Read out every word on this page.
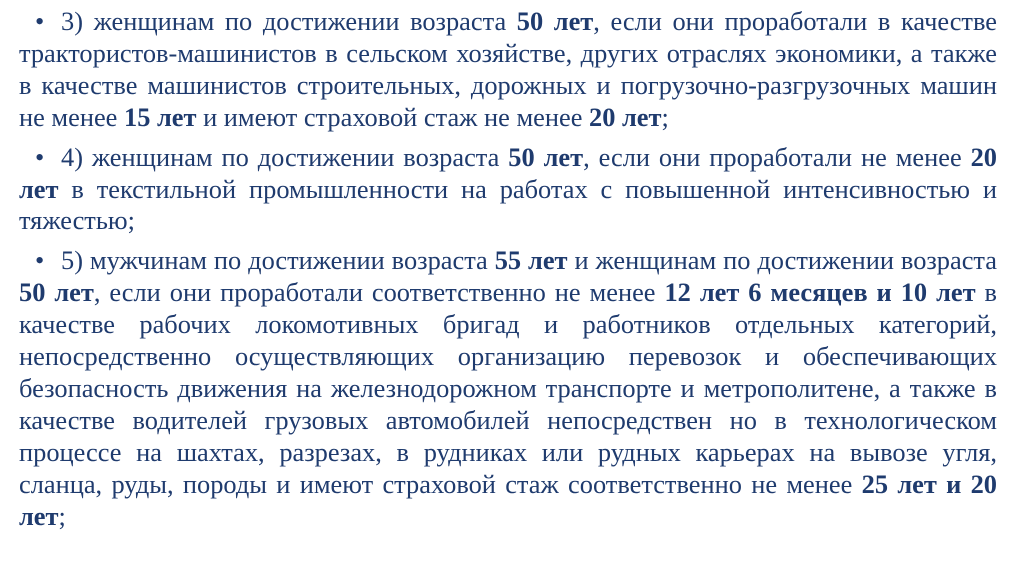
• 3) женщинам по достижении возраста 50 лет, если они проработали в качестве трактористов-машинистов в сельском хозяйстве, других отраслях экономики, а также в качестве машинистов строительных, дорожных и погрузочно-разгрузочных машин не менее 15 лет и имеют страховой стаж не менее 20 лет;
• 4) женщинам по достижении возраста 50 лет, если они проработали не менее 20 лет в текстильной промышленности на работах с повышенной интенсивностью и тяжестью;
• 5) мужчинам по достижении возраста 55 лет и женщинам по достижении возраста 50 лет, если они проработали соответственно не менее 12 лет 6 месяцев и 10 лет в качестве рабочих локомотивных бригад и работников отдельных категорий, непосредственно осуществляющих организацию перевозок и обеспечивающих безопасность движения на железнодорожном транспорте и метрополитене, а также в качестве водителей грузовых автомобилей непосредствен но в технологическом процессе на шахтах, разрезах, в рудниках или рудных карьерах на вывозе угля, сланца, руды, породы и имеют страховой стаж соответственно не менее 25 лет и 20 лет;
